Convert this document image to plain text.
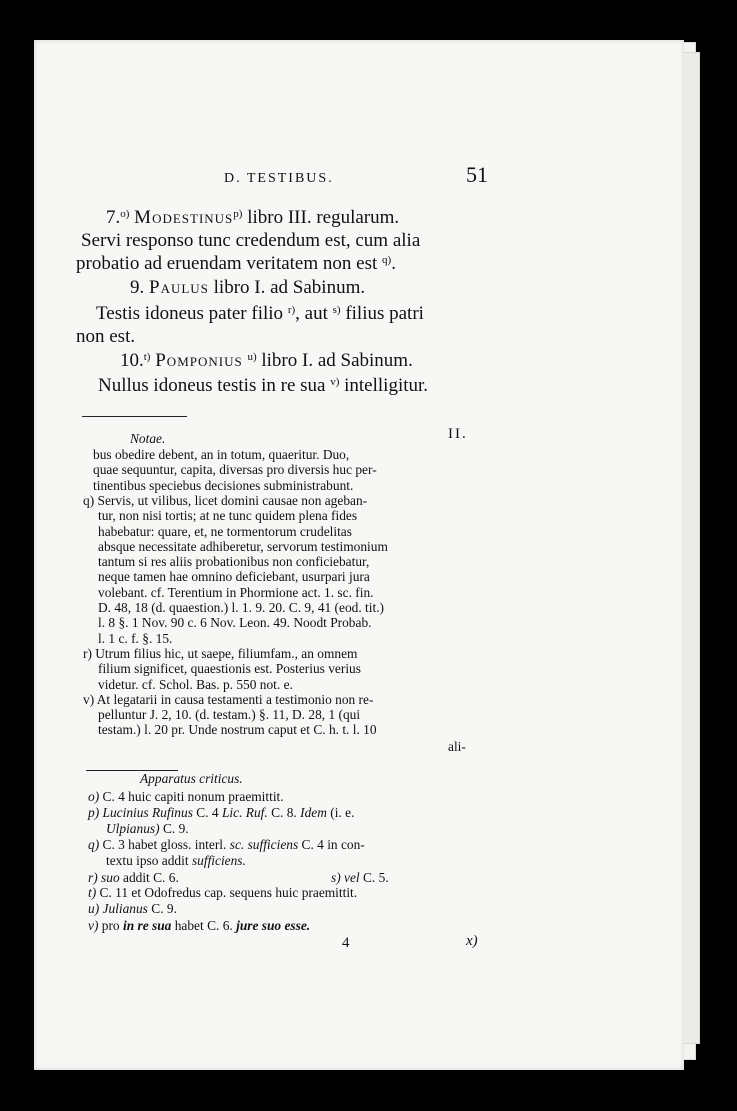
D. TESTIBUS.	51
7.$^{o)}$ Modestinus$^{p)}$ libro III. regularum.
Servi responso tunc credendum est, cum alia
probatio ad eruendam veritatem non est $^{q)}$.
9. Paulus libro I. ad Sabinum.
Testis idoneus pater filio $^{r)}$, aut $^{s)}$ filius patri
non est.
10.$^{t)}$ Pomponius $^{u)}$ libro I. ad Sabinum.
Nullus idoneus testis in re sua $^{v)}$ intelligitur.
II.
Notae.
ali-
Apparatus criticus.
o) C. 4 huic capiti nonum praemittit.
p) Lucinius Rufinus C. 4 Lic. Ruf. C. 8. Idem (i. e.
Ulpianus) C. 9.
q) C. 3 habet gloss. interl. sc. sufficiens C. 4 in con-
textu ipso addit sufficiens.
r) suo addit C. 6.	s) vel C. 5.
t) C. 11 et Odofredus cap. sequens huic praemittit.
u) Julianus C. 9.
v) pro in re sua habet C. 6. jure suo esse.
4	x)
bus obedire debent, an in totum, quaeritur. Duo,
quae sequuntur, capita, diversas pro diversis huc per-
tinentibus speciebus decisiones subministrabunt.
q) Servis, ut vilibus, licet domini causae non ageban-
tur, non nisi tortis; at ne tunc quidem plena fides
habebatur: quare, et, ne tormentorum crudelitas
absque necessitate adhiberetur, servorum testimonium
tantum si res aliis probationibus non conficiebatur,
neque tamen hae omnino deficiebant, usurpari jura
volebant. cf. Terentium in Phormione act. 1. sc. fin.
D. 48, 18 (d. quaestion.) l. 1. 9. 20. C. 9, 41 (eod. tit.)
l. 8 §. 1 Nov. 90 c. 6 Nov. Leon. 49. Noodt Probab.
l. 1 c. f. §. 15.
r) Utrum filius hic, ut saepe, filiumfam., an omnem
filium significet, quaestionis est. Posterius verius
videtur. cf. Schol. Bas. p. 550 not. e.
v) At legatarii in causa testamenti a testimonio non re-
pelluntur J. 2, 10. (d. testam.) §. 11, D. 28, 1 (qui
testam.) l. 20 pr. Unde nostrum caput et C. h. t. l. 10
